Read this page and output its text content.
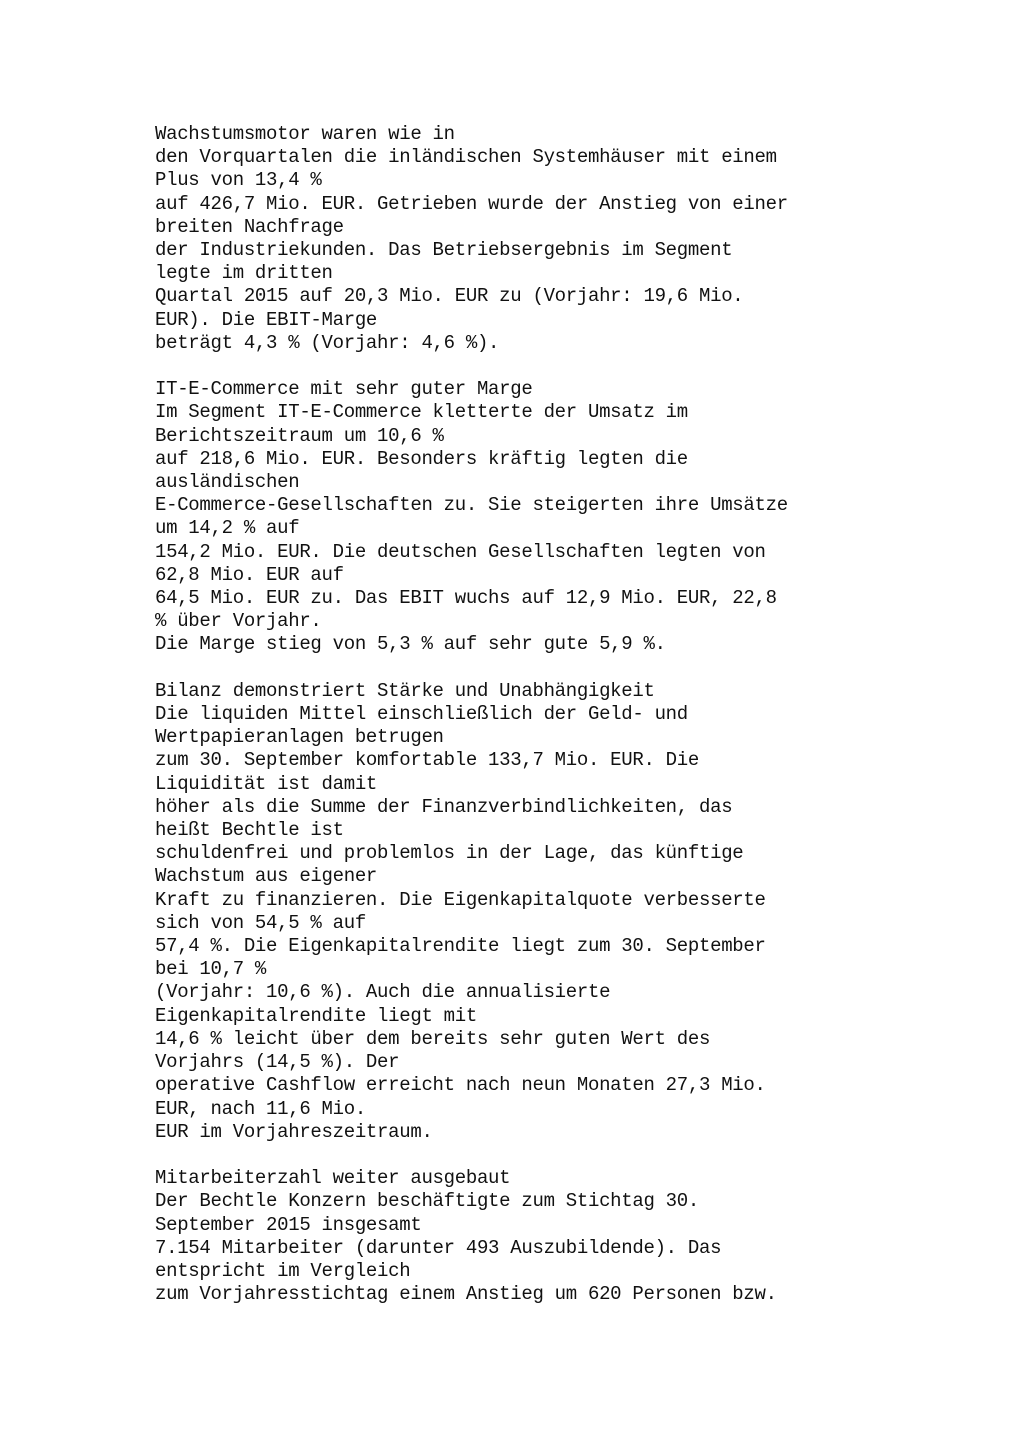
Wachstumsmotor waren wie in
den Vorquartalen die inländischen Systemhäuser mit einem
Plus von 13,4 %
auf 426,7 Mio. EUR. Getrieben wurde der Anstieg von einer
breiten Nachfrage
der Industriekunden. Das Betriebsergebnis im Segment
legte im dritten
Quartal 2015 auf 20,3 Mio. EUR zu (Vorjahr: 19,6 Mio.
EUR). Die EBIT-Marge
beträgt 4,3 % (Vorjahr: 4,6 %).
IT-E-Commerce mit sehr guter Marge
Im Segment IT-E-Commerce kletterte der Umsatz im
Berichtszeitraum um 10,6 %
auf 218,6 Mio. EUR. Besonders kräftig legten die
ausländischen
E-Commerce-Gesellschaften zu. Sie steigerten ihre Umsätze
um 14,2 % auf
154,2 Mio. EUR. Die deutschen Gesellschaften legten von
62,8 Mio. EUR auf
64,5 Mio. EUR zu. Das EBIT wuchs auf 12,9 Mio. EUR, 22,8
% über Vorjahr.
Die Marge stieg von 5,3 % auf sehr gute 5,9 %.
Bilanz demonstriert Stärke und Unabhängigkeit
Die liquiden Mittel einschließlich der Geld- und
Wertpapieranlagen betrugen
zum 30. September komfortable 133,7 Mio. EUR. Die
Liquidität ist damit
höher als die Summe der Finanzverbindlichkeiten, das
heißt Bechtle ist
schuldenfrei und problemlos in der Lage, das künftige
Wachstum aus eigener
Kraft zu finanzieren. Die Eigenkapitalquote verbesserte
sich von 54,5 % auf
57,4 %. Die Eigenkapitalrendite liegt zum 30. September
bei 10,7 %
(Vorjahr: 10,6 %). Auch die annualisierte
Eigenkapitalrendite liegt mit
14,6 % leicht über dem bereits sehr guten Wert des
Vorjahrs (14,5 %). Der
operative Cashflow erreicht nach neun Monaten 27,3 Mio.
EUR, nach 11,6 Mio.
EUR im Vorjahreszeitraum.
Mitarbeiterzahl weiter ausgebaut
Der Bechtle Konzern beschäftigte zum Stichtag 30.
September 2015 insgesamt
7.154 Mitarbeiter (darunter 493 Auszubildende). Das
entspricht im Vergleich
zum Vorjahresstichtag einem Anstieg um 620 Personen bzw.
